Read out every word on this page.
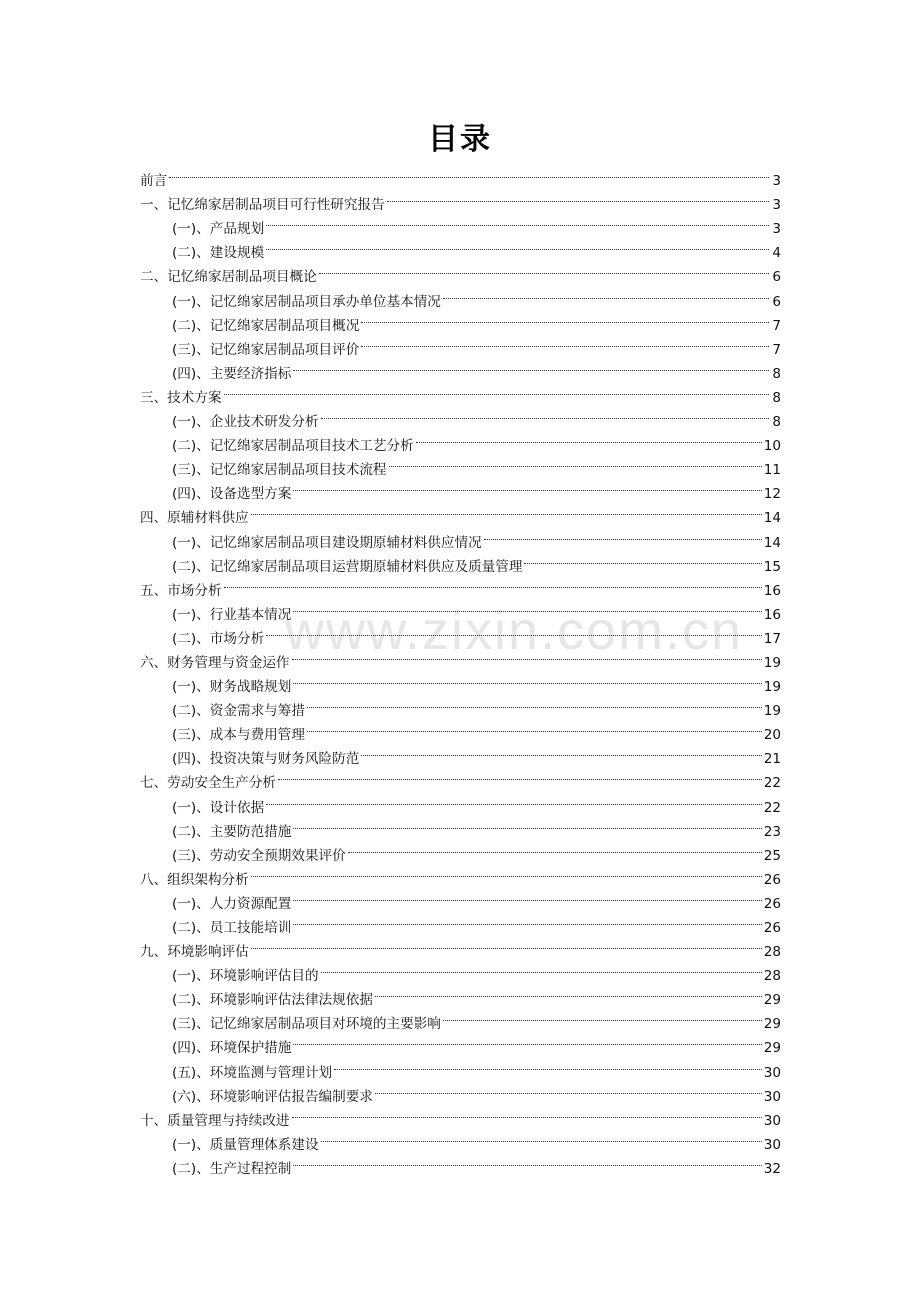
目录
www.zixin.com.cn
前言	3
一、记忆绵家居制品项目可行性研究报告	3
(一)、产品规划	3
(二)、建设规模	4
二、记忆绵家居制品项目概论	6
(一)、记忆绵家居制品项目承办单位基本情况	6
(二)、记忆绵家居制品项目概况	7
(三)、记忆绵家居制品项目评价	7
(四)、主要经济指标	8
三、技术方案	8
(一)、企业技术研发分析	8
(二)、记忆绵家居制品项目技术工艺分析	10
(三)、记忆绵家居制品项目技术流程	11
(四)、设备选型方案	12
四、原辅材料供应	14
(一)、记忆绵家居制品项目建设期原辅材料供应情况	14
(二)、记忆绵家居制品项目运营期原辅材料供应及质量管理	15
五、市场分析	16
(一)、行业基本情况	16
(二)、市场分析	17
六、财务管理与资金运作	19
(一)、财务战略规划	19
(二)、资金需求与筹措	19
(三)、成本与费用管理	20
(四)、投资决策与财务风险防范	21
七、劳动安全生产分析	22
(一)、设计依据	22
(二)、主要防范措施	23
(三)、劳动安全预期效果评价	25
八、组织架构分析	26
(一)、人力资源配置	26
(二)、员工技能培训	26
九、环境影响评估	28
(一)、环境影响评估目的	28
(二)、环境影响评估法律法规依据	29
(三)、记忆绵家居制品项目对环境的主要影响	29
(四)、环境保护措施	29
(五)、环境监测与管理计划	30
(六)、环境影响评估报告编制要求	30
十、质量管理与持续改进	30
(一)、质量管理体系建设	30
(二)、生产过程控制	32
